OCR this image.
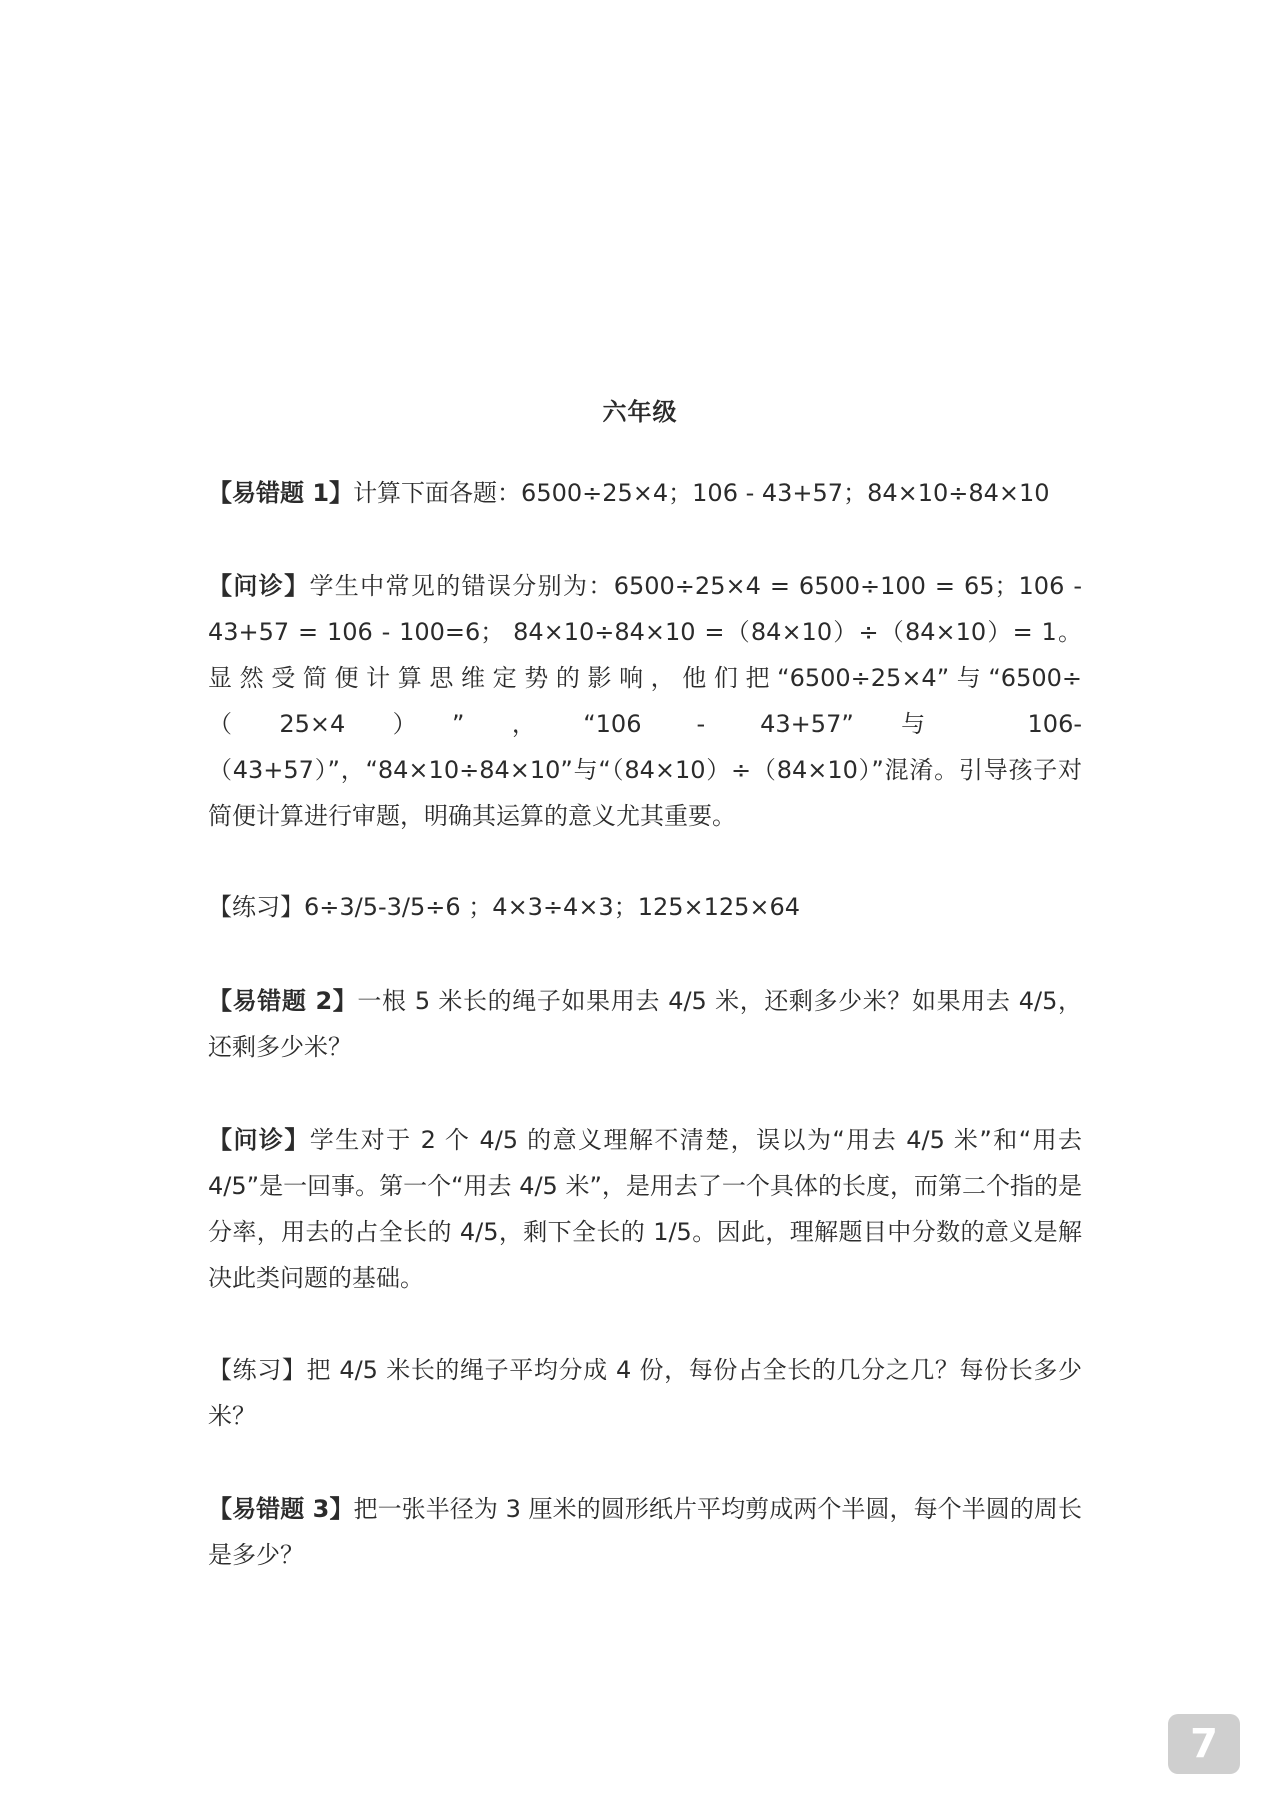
六年级

【易错题 1】计算下面各题：6500÷25×4；106 - 43+57；84×10÷84×10

【问诊】学生中常见的错误分别为：6500÷25×4 = 6500÷100 = 65；106 - 43+57 = 106 - 100=6； 84×10÷84×10 =（84×10）÷（84×10）= 1。显然受简便计算思维定势的影响，他们把“6500÷25×4”与“6500÷（25×4）”，“106 - 43+57”与 106-（43+57）”，“84×10÷84×10”与“（84×10）÷（84×10）”混淆。引导孩子对简便计算进行审题，明确其运算的意义尤其重要。

【练习】6÷3/5-3/5÷6 ；4×3÷4×3；125×125×64

【易错题 2】一根 5 米长的绳子如果用去 4/5 米，还剩多少米？如果用去 4/5，还剩多少米？

【问诊】学生对于 2 个 4/5 的意义理解不清楚，误以为“用去 4/5 米”和“用去 4/5”是一回事。第一个“用去 4/5 米”，是用去了一个具体的长度，而第二个指的是分率，用去的占全长的 4/5，剩下全长的 1/5。因此，理解题目中分数的意义是解决此类问题的基础。

【练习】把 4/5 米长的绳子平均分成 4 份，每份占全长的几分之几？每份长多少米？

【易错题 3】把一张半径为 3 厘米的圆形纸片平均剪成两个半圆，每个半圆的周长是多少？

7
